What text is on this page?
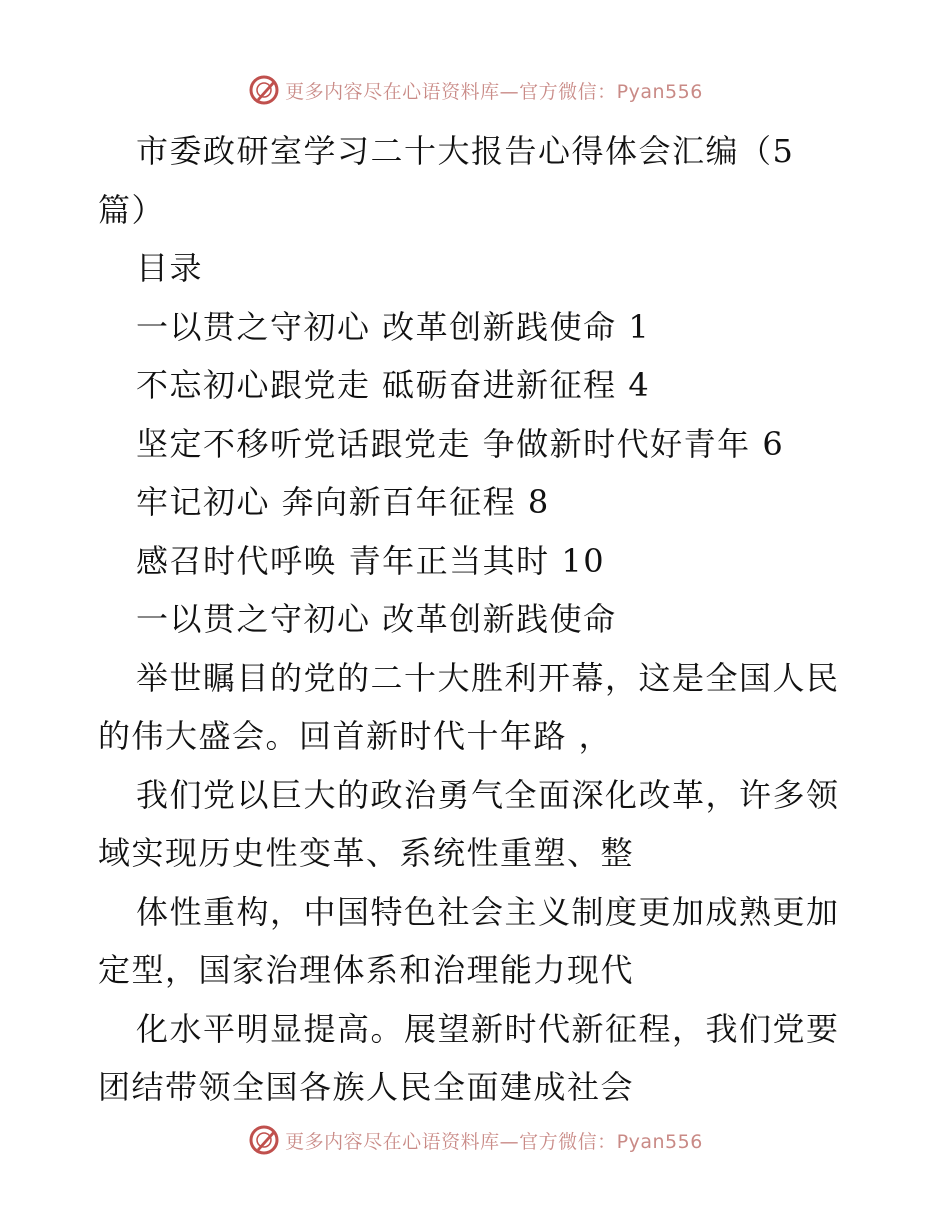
更多内容尽在心语资料库—官方微信：Pyan556
市委政研室学习二十大报告心得体会汇编（5
篇）
目录
一以贯之守初心 改革创新践使命 1
不忘初心跟党走 砥砺奋进新征程 4
坚定不移听党话跟党走 争做新时代好青年 6
牢记初心 奔向新百年征程 8
感召时代呼唤 青年正当其时 10
一以贯之守初心 改革创新践使命
举世瞩目的党的二十大胜利开幕，这是全国人民
的伟大盛会。回首新时代十年路 ，
我们党以巨大的政治勇气全面深化改革，许多领
域实现历史性变革、系统性重塑、整
体性重构，中国特色社会主义制度更加成熟更加
定型，国家治理体系和治理能力现代
化水平明显提高。展望新时代新征程，我们党要
团结带领全国各族人民全面建成社会
更多内容尽在心语资料库—官方微信：Pyan556
